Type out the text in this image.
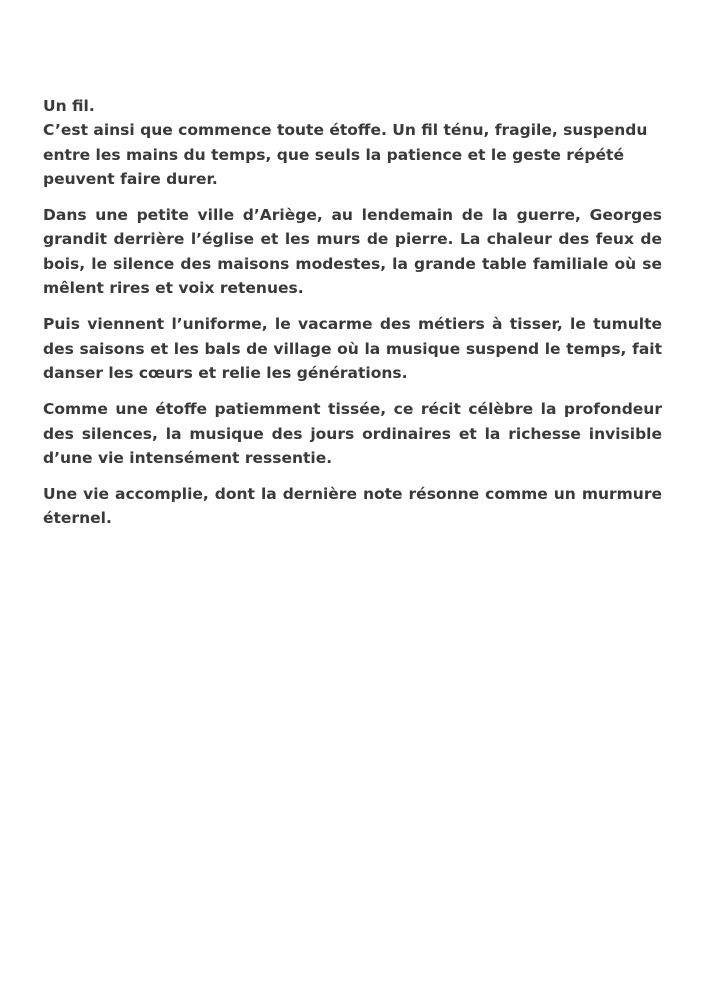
Un fil.
C’est ainsi que commence toute étoffe. Un fil ténu, fragile, suspendu entre les mains du temps, que seuls la patience et le geste répété peuvent faire durer.

Dans une petite ville d’Ariège, au lendemain de la guerre, Georges grandit derrière l’église et les murs de pierre. La chaleur des feux de bois, le silence des maisons modestes, la grande table familiale où se mêlent rires et voix retenues.

Puis viennent l’uniforme, le vacarme des métiers à tisser, le tumulte des saisons et les bals de village où la musique suspend le temps, fait danser les cœurs et relie les générations.

Comme une étoffe patiemment tissée, ce récit célèbre la profondeur des silences, la musique des jours ordinaires et la richesse invisible d’une vie intensément ressentie.

Une vie accomplie, dont la dernière note résonne comme un murmure éternel.
